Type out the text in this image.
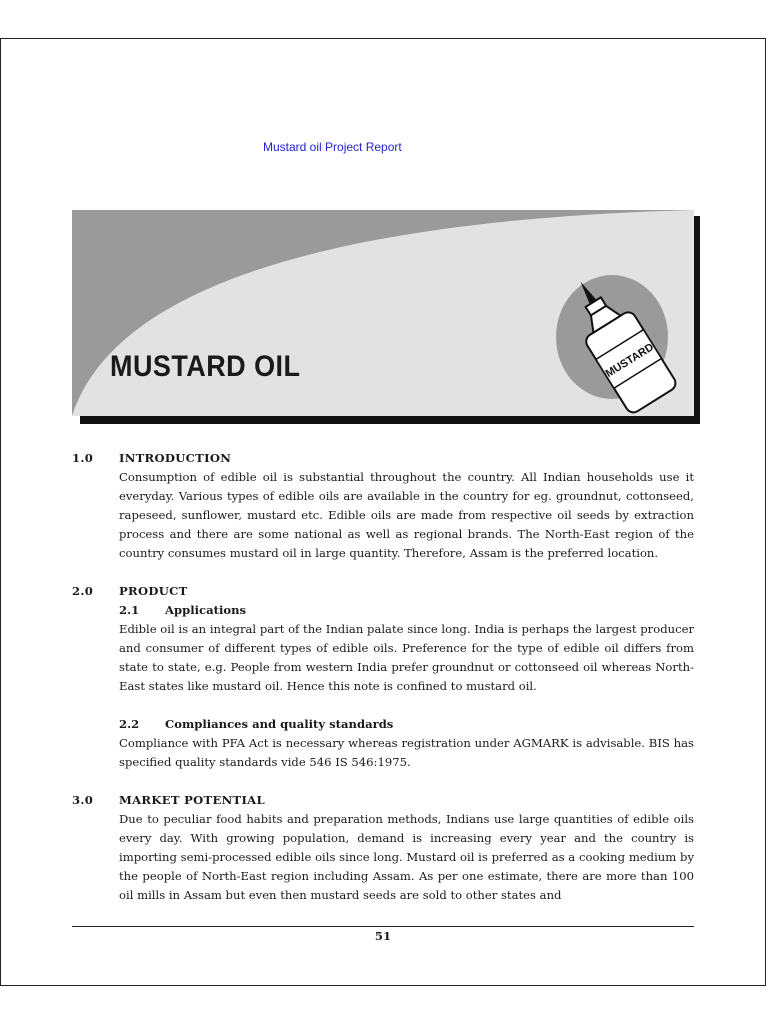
Mustard oil Project Report
MUSTARD
MUSTARD OIL
1.0	INTRODUCTION
Consumption of edible oil is substantial throughout the country. All Indian households use it everyday. Various types of edible oils are available in the country for eg. groundnut, cottonseed, rapeseed, sunflower, mustard etc. Edible oils are made from respective oil seeds by extraction process and there are some national as well as regional brands. The North-East region of the country consumes mustard oil in large quantity. Therefore, Assam is the preferred location.
2.0	PRODUCT
2.1	Applications
Edible oil is an integral part of the Indian palate since long. India is perhaps the largest producer and consumer of different types of edible oils. Preference for the type of edible oil differs from state to state, e.g. People from western India prefer groundnut or cottonseed oil whereas North-East states like mustard oil. Hence this note is confined to mustard oil.
2.2	Compliances and quality standards
Compliance with PFA Act is necessary whereas registration under AGMARK is advisable. BIS has specified quality standards vide 546 IS 546:1975.
3.0	MARKET POTENTIAL
Due to peculiar food habits and preparation methods, Indians use large quantities of edible oils every day. With growing population, demand is increasing every year and the country is importing semi-processed edible oils since long. Mustard oil is preferred as a cooking medium by the people of North-East region including Assam. As per one estimate, there are more than 100 oil mills in Assam but even then mustard seeds are sold to other states and
51
